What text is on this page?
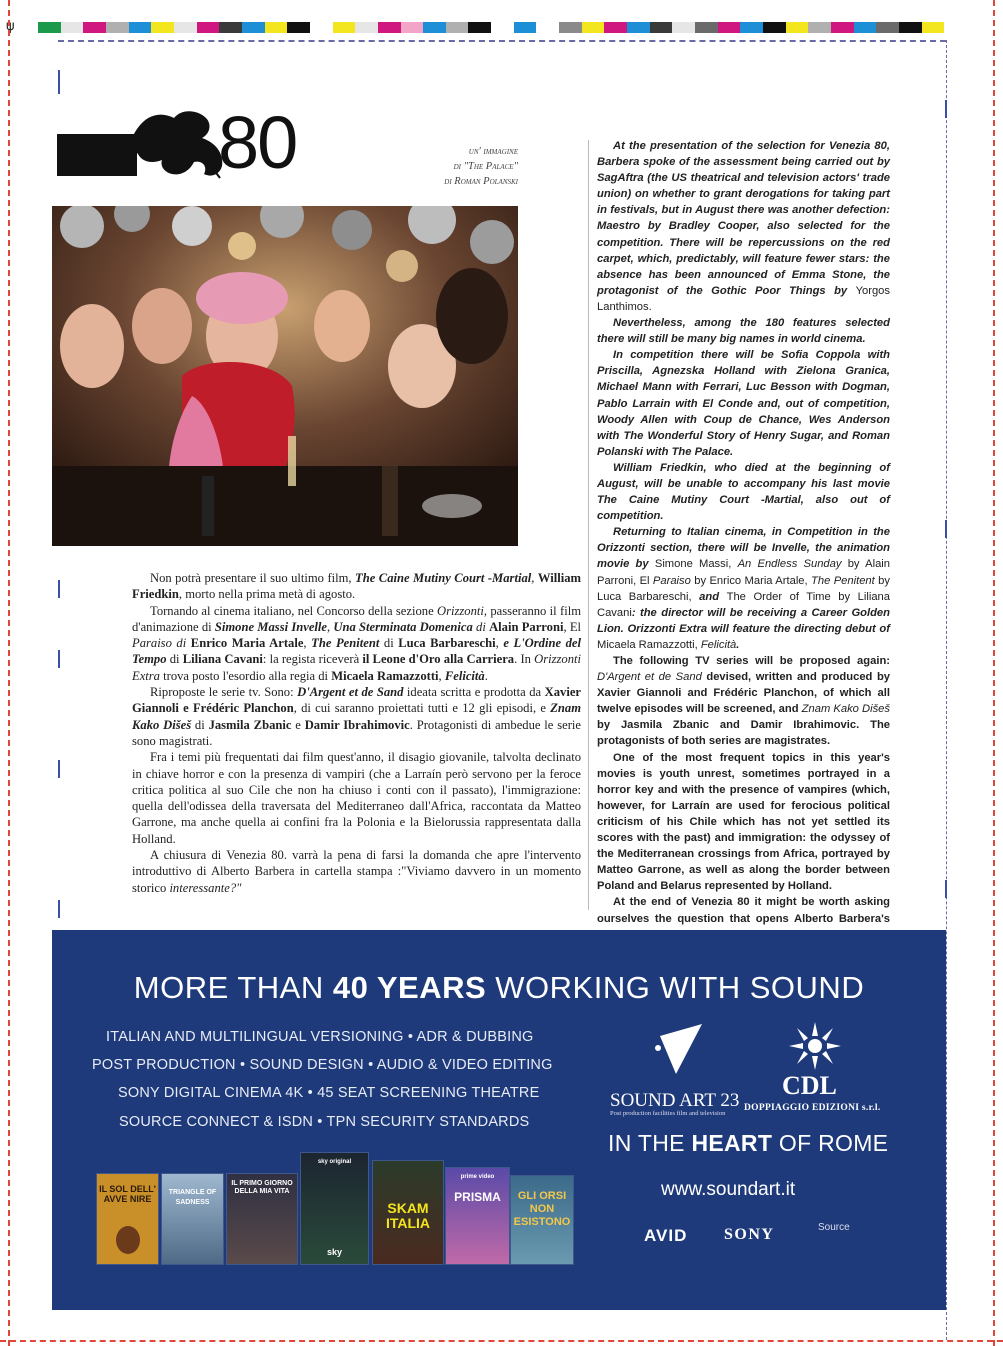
ψ
80	un' immagine
di "The Palace"
di Roman Polanski

Non potrà presentare il suo ultimo film, The Caine Mutiny Court -Martial, William Friedkin, morto nella prima metà di agosto.

Tornando al cinema italiano, nel Concorso della sezione Orizzonti, passeranno il film d'animazione di Simone Massi Invelle, Una Sterminata Domenica di Alain Parroni, El Paraiso di Enrico Maria Artale, The Penitent di Luca Barbareschi, e L'Ordine del Tempo di Liliana Cavani: la regista riceverà il Leone d'Oro alla Carriera. In Orizzonti Extra trova posto l'esordio alla regia di Micaela Ramazzotti, Felicità.

Riproposte le serie tv. Sono: D'Argent et de Sand ideata scritta e prodotta da Xavier Giannoli e Frédéric Planchon, di cui saranno proiettati tutti e 12 gli episodi, e Znam Kako Dišeš di Jasmila Zbanic e Damir Ibrahimovic. Protagonisti di ambedue le serie sono magistrati.

Fra i temi più frequentati dai film quest'anno, il disagio giovanile, talvolta declinato in chiave horror e con la presenza di vampiri (che a Larraín però servono per la feroce critica politica al suo Cile che non ha chiuso i conti con il passato), l'immigrazione: quella dell'odissea della traversata del Mediterraneo dall'Africa, raccontata da Matteo Garrone, ma anche quella ai confini fra la Polonia e la Bielorussia rappresentata dalla Holland.

A chiusura di Venezia 80. varrà la pena di farsi la domanda che apre l'intervento introduttivo di Alberto Barbera in cartella stampa :"Viviamo davvero in un momento storico interessante?"

At the presentation of the selection for Venezia 80, Barbera spoke of the assessment being carried out by SagAftra (the US theatrical and television actors' trade union) on whether to grant derogations for taking part in festivals, but in August there was another defection: Maestro by Bradley Cooper, also selected for the competition. There will be repercussions on the red carpet, which, predictably, will feature fewer stars: the absence has been announced of Emma Stone, the protagonist of the Gothic Poor Things by Yorgos Lanthimos.

Nevertheless, among the 180 features selected there will still be many big names in world cinema.

In competition there will be Sofia Coppola with Priscilla, Agnezska Holland with Zielona Granica, Michael Mann with Ferrari, Luc Besson with Dogman, Pablo Larrain with El Conde and, out of competition, Woody Allen with Coup de Chance, Wes Anderson with The Wonderful Story of Henry Sugar, and Roman Polanski with The Palace.

William Friedkin, who died at the beginning of August, will be unable to accompany his last movie The Caine Mutiny Court -Martial, also out of competition.

Returning to Italian cinema, in Competition in the Orizzonti section, there will be Invelle, the animation movie by Simone Massi, An Endless Sunday by Alain Parroni, El Paraiso by Enrico Maria Artale, The Penitent by Luca Barbareschi, and The Order of Time by Liliana Cavani: the director will be receiving a Career Golden Lion. Orizzonti Extra will feature the directing debut of Micaela Ramazzotti, Felicità.

The following TV series will be proposed again: D'Argent et de Sand devised, written and produced by Xavier Giannoli and Frédéric Planchon, of which all twelve episodes will be screened, and Znam Kako Dišeš by Jasmila Zbanic and Damir Ibrahimovic. The protagonists of both series are magistrates.

One of the most frequent topics in this year's movies is youth unrest, sometimes portrayed in a horror key and with the presence of vampires (which, however, for Larraín are used for ferocious political criticism of his Chile which has not yet settled its scores with the past) and immigration: the odyssey of the Mediterranean crossings from Africa, portrayed by Matteo Garrone, as well as along the border between Poland and Belarus represented by Holland.

At the end of Venezia 80 it might be worth asking ourselves the question that opens Alberto Barbera's

MORE THAN 40 YEARS WORKING WITH SOUND
ITALIAN AND MULTILINGUAL VERSIONING • ADR & DUBBING
POST PRODUCTION • SOUND DESIGN • AUDIO & VIDEO EDITING
SONY DIGITAL CINEMA 4K • 45 SEAT SCREENING THEATRE
SOURCE CONNECT & ISDN • TPN SECURITY STANDARDS
IL SOL DELL' AVVE NIRE
TRIANGLE OF SADNESS
IL PRIMO GIORNO DELLA MIA VITA
sky original
sky
SKAM ITALIA
prime video
PRISMA	GLI ORSI NON ESISTONO
SOUND ART 23
Post production facilities film and television
CDL
DOPPIAGGIO EDIZIONI s.r.l.
IN THE HEART OF ROME
www.soundart.it
AVID SONY	Source
